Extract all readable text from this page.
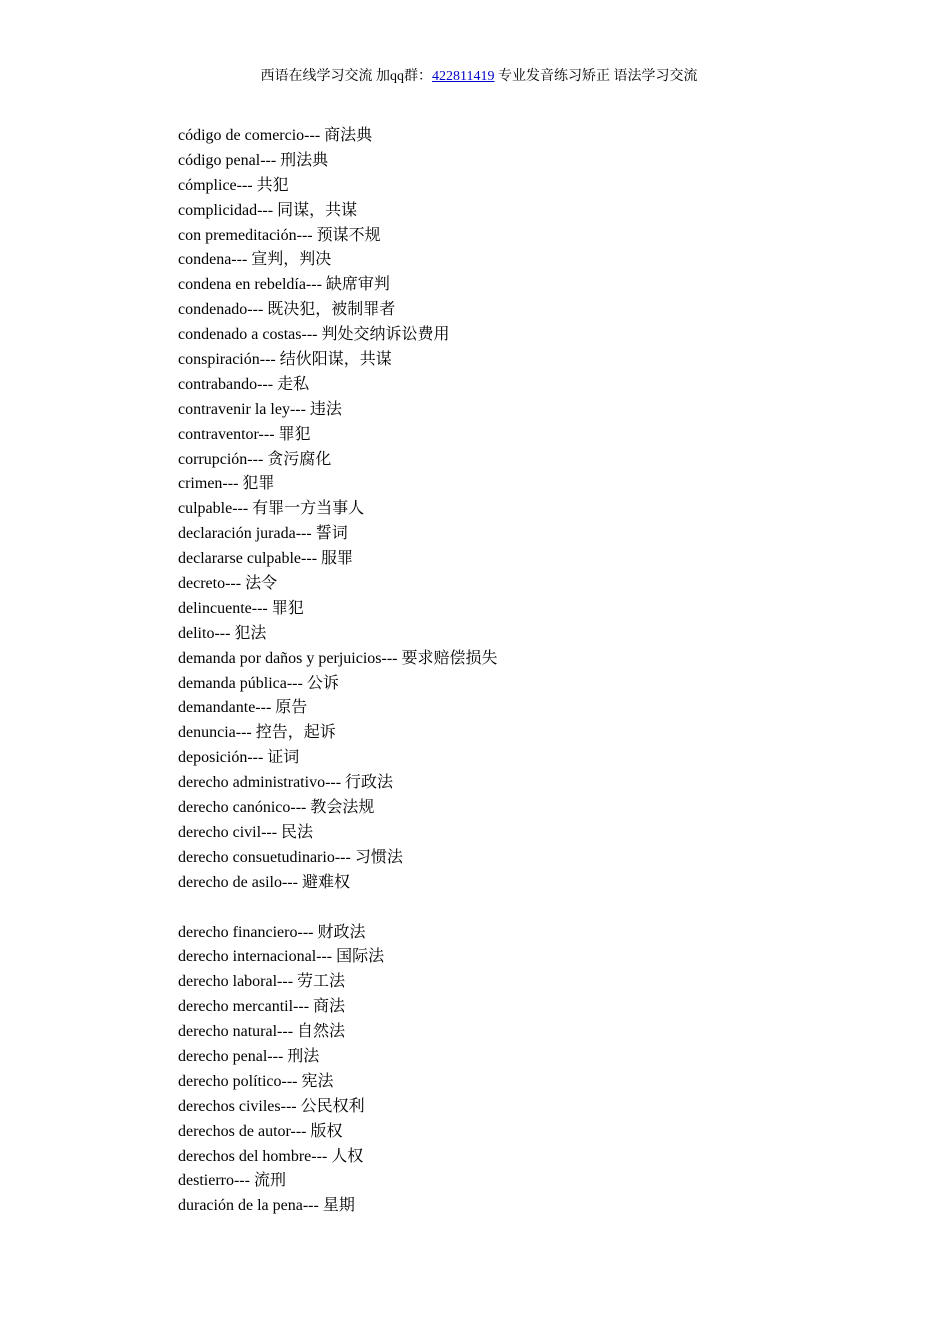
西语在线学习交流 加qq群：422811419 专业发音练习矫正 语法学习交流
código de comercio--- 商法典
código penal--- 刑法典
cómplice--- 共犯
complicidad--- 同谋，共谋
con premeditación--- 预谋不规
condena--- 宣判，判决
condena en rebeldía--- 缺席审判
condenado--- 既决犯，被制罪者
condenado a costas--- 判处交纳诉讼费用
conspiración--- 结伙阳谋，共谋
contrabando--- 走私
contravenir la ley--- 违法
contraventor--- 罪犯
corrupción--- 贪污腐化
crimen--- 犯罪
culpable--- 有罪一方当事人
declaración jurada--- 誓词
declararse culpable--- 服罪
decreto--- 法令
delincuente--- 罪犯
delito--- 犯法
demanda por daños y perjuicios--- 要求赔偿损失
demanda pública--- 公诉
demandante--- 原告
denuncia--- 控告，起诉
deposición--- 证词
derecho administrativo--- 行政法
derecho canónico--- 教会法规
derecho civil--- 民法
derecho consuetudinario--- 习惯法
derecho de asilo--- 避难权
derecho financiero--- 财政法
derecho internacional--- 国际法
derecho laboral--- 劳工法
derecho mercantil--- 商法
derecho natural--- 自然法
derecho penal--- 刑法
derecho político--- 宪法
derechos civiles--- 公民权利
derechos de autor--- 版权
derechos del hombre--- 人权
destierro--- 流刑
duración de la pena--- 星期
